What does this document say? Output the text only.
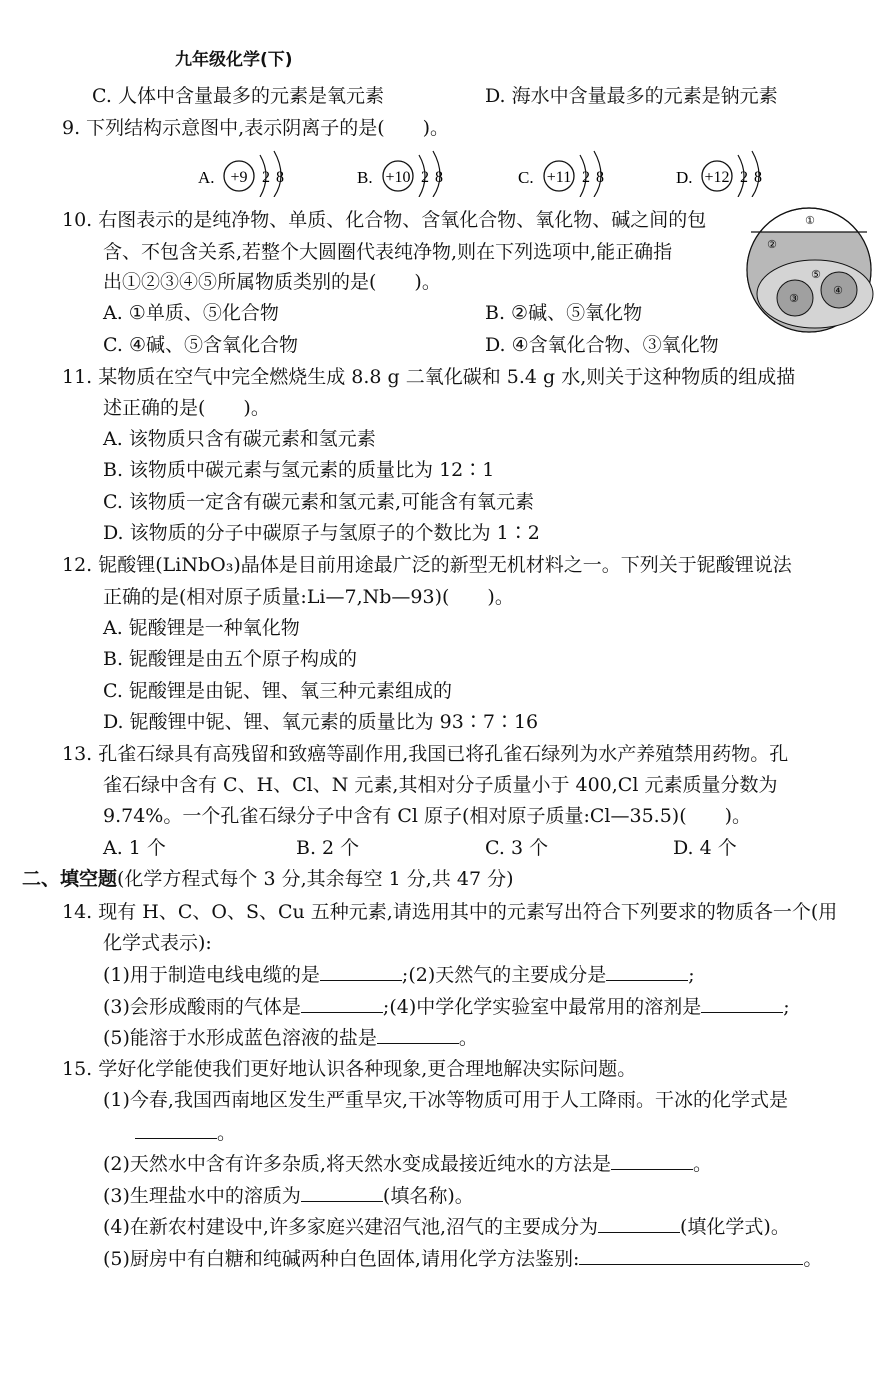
九年级化学(下)
C. 人体中含量最多的元素是氧元素	D. 海水中含量最多的元素是钠元素
9. 下列结构示意图中,表示阴离子的是(　　)。
A. +9 2 8	B. +10 2 8	C. +11 2 8	D. +12 2 8
10. 右图表示的是纯净物、单质、化合物、含氧化合物、氧化物、碱之间的包
含、不包含关系,若整个大圆圈代表纯净物,则在下列选项中,能正确指
出①②③④⑤所属物质类别的是(　　)。
A. ①单质、⑤化合物	B. ②碱、⑤氧化物
C. ④碱、⑤含氧化合物	D. ④含氧化合物、③氧化物
①
②
③
④
⑤
11. 某物质在空气中完全燃烧生成 8.8 g 二氧化碳和 5.4 g 水,则关于这种物质的组成描
述正确的是(　　)。
A. 该物质只含有碳元素和氢元素
B. 该物质中碳元素与氢元素的质量比为 12∶1
C. 该物质一定含有碳元素和氢元素,可能含有氧元素
D. 该物质的分子中碳原子与氢原子的个数比为 1∶2
12. 铌酸锂(LiNbO₃)晶体是目前用途最广泛的新型无机材料之一。下列关于铌酸锂说法
正确的是(相对原子质量:Li—7,Nb—93)(　　)。
A. 铌酸锂是一种氧化物
B. 铌酸锂是由五个原子构成的
C. 铌酸锂是由铌、锂、氧三种元素组成的
D. 铌酸锂中铌、锂、氧元素的质量比为 93∶7∶16
13. 孔雀石绿具有高残留和致癌等副作用,我国已将孔雀石绿列为水产养殖禁用药物。孔
雀石绿中含有 C、H、Cl、N 元素,其相对分子质量小于 400,Cl 元素质量分数为
9.74%。一个孔雀石绿分子中含有 Cl 原子(相对原子质量:Cl—35.5)(　　)。
A. 1 个	B. 2 个	C. 3 个	D. 4 个
二、填空题(化学方程式每个 3 分,其余每空 1 分,共 47 分)
14. 现有 H、C、O、S、Cu 五种元素,请选用其中的元素写出符合下列要求的物质各一个(用
化学式表示):
(1)用于制造电线电缆的是	;(2)天然气的主要成分是	;
(3)会形成酸雨的气体是	;(4)中学化学实验室中最常用的溶剂是	;
(5)能溶于水形成蓝色溶液的盐是	。
15. 学好化学能使我们更好地认识各种现象,更合理地解决实际问题。
(1)今春,我国西南地区发生严重旱灾,干冰等物质可用于人工降雨。干冰的化学式是
。
(2)天然水中含有许多杂质,将天然水变成最接近纯水的方法是	。
(3)生理盐水中的溶质为	(填名称)。
(4)在新农村建设中,许多家庭兴建沼气池,沼气的主要成分为	(填化学式)。
(5)厨房中有白糖和纯碱两种白色固体,请用化学方法鉴别:	。
